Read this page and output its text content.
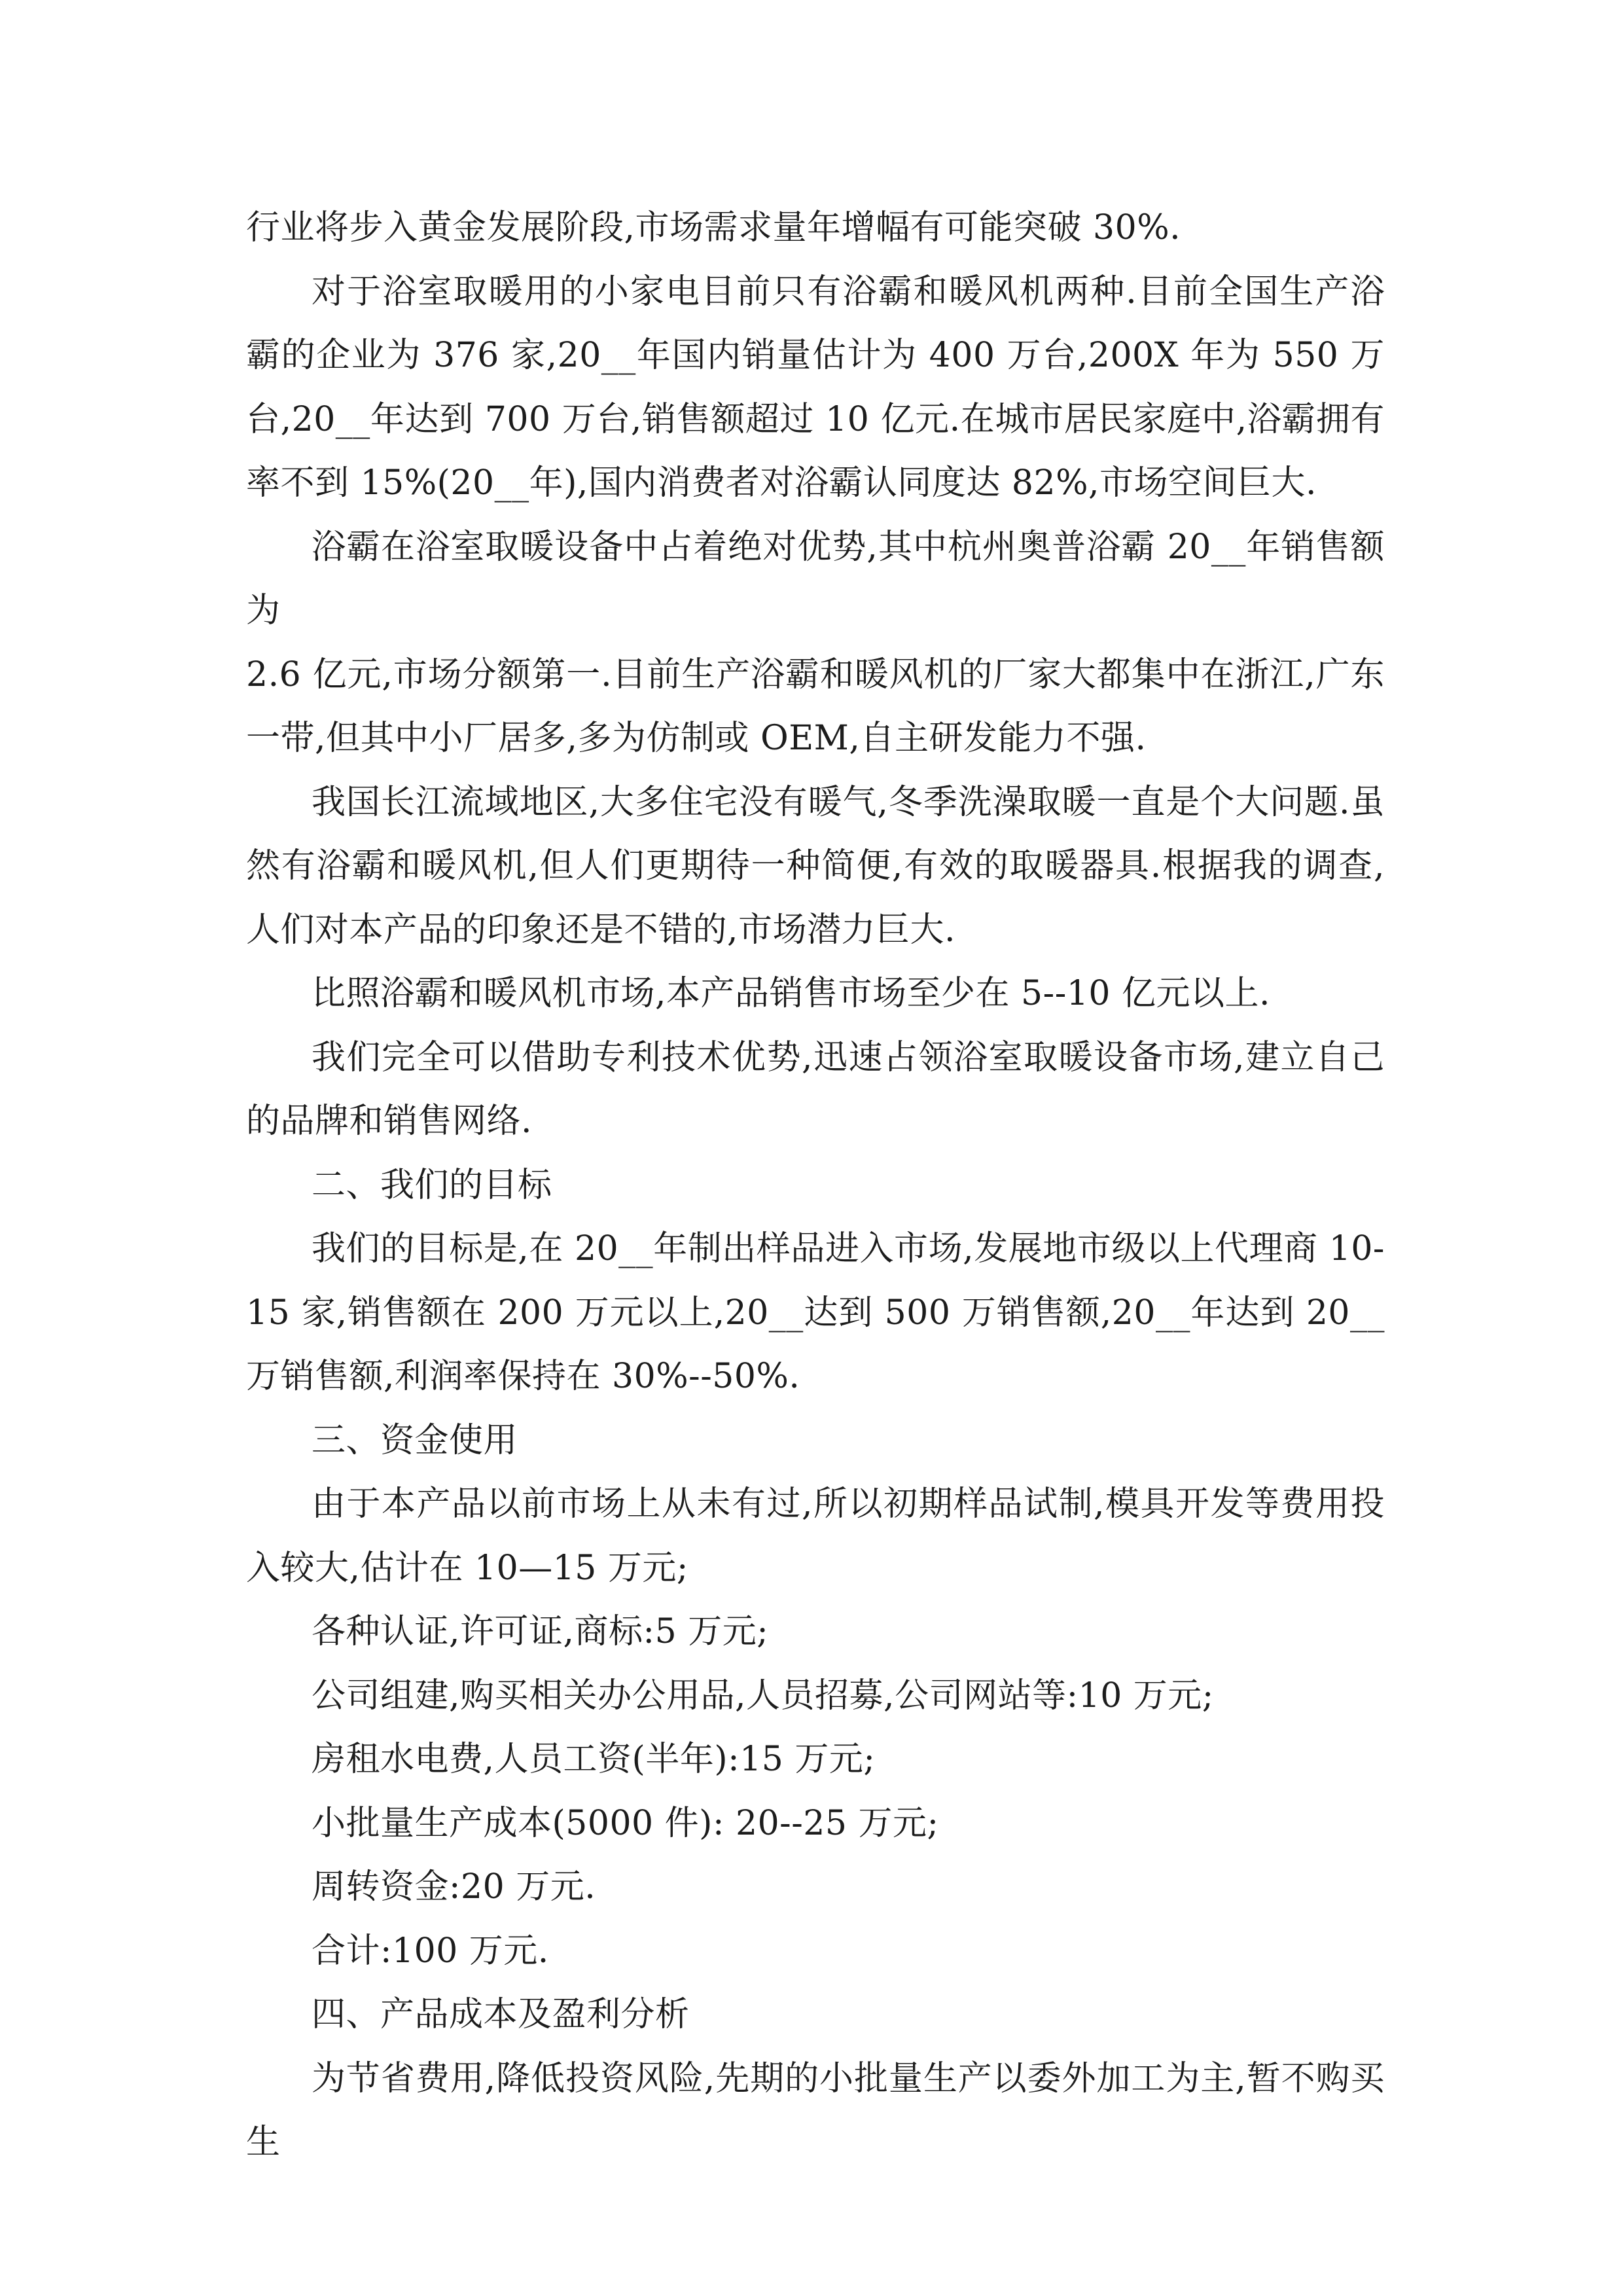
行业将步入黄金发展阶段,市场需求量年增幅有可能突破 30%.

对于浴室取暖用的小家电目前只有浴霸和暖风机两种.目前全国生产浴霸的企业为 376 家,20__年国内销量估计为 400 万台,200X 年为 550 万台,20__年达到 700 万台,销售额超过 10 亿元.在城市居民家庭中,浴霸拥有率不到 15%(20__年),国内消费者对浴霸认同度达 82%,市场空间巨大.

浴霸在浴室取暖设备中占着绝对优势,其中杭州奥普浴霸 20__年销售额为

2.6 亿元,市场分额第一.目前生产浴霸和暖风机的厂家大都集中在浙江,广东一带,但其中小厂居多,多为仿制或 OEM,自主研发能力不强.

我国长江流域地区,大多住宅没有暖气,冬季洗澡取暖一直是个大问题.虽然有浴霸和暖风机,但人们更期待一种简便,有效的取暖器具.根据我的调查,人们对本产品的印象还是不错的,市场潜力巨大.

比照浴霸和暖风机市场,本产品销售市场至少在 5--10 亿元以上.

我们完全可以借助专利技术优势,迅速占领浴室取暖设备市场,建立自己的品牌和销售网络.

二、我们的目标

我们的目标是,在 20__年制出样品进入市场,发展地市级以上代理商 10-15 家,销售额在 200 万元以上,20__达到 500 万销售额,20__年达到 20__万销售额,利润率保持在 30%--50%.

三、资金使用

由于本产品以前市场上从未有过,所以初期样品试制,模具开发等费用投入较大,估计在 10—15 万元;

各种认证,许可证,商标:5 万元;

公司组建,购买相关办公用品,人员招募,公司网站等:10 万元;

房租水电费,人员工资(半年):15 万元;

小批量生产成本(5000 件): 20--25 万元;

周转资金:20 万元.

合计:100 万元.

四、产品成本及盈利分析

为节省费用,降低投资风险,先期的小批量生产以委外加工为主,暂不购买生
